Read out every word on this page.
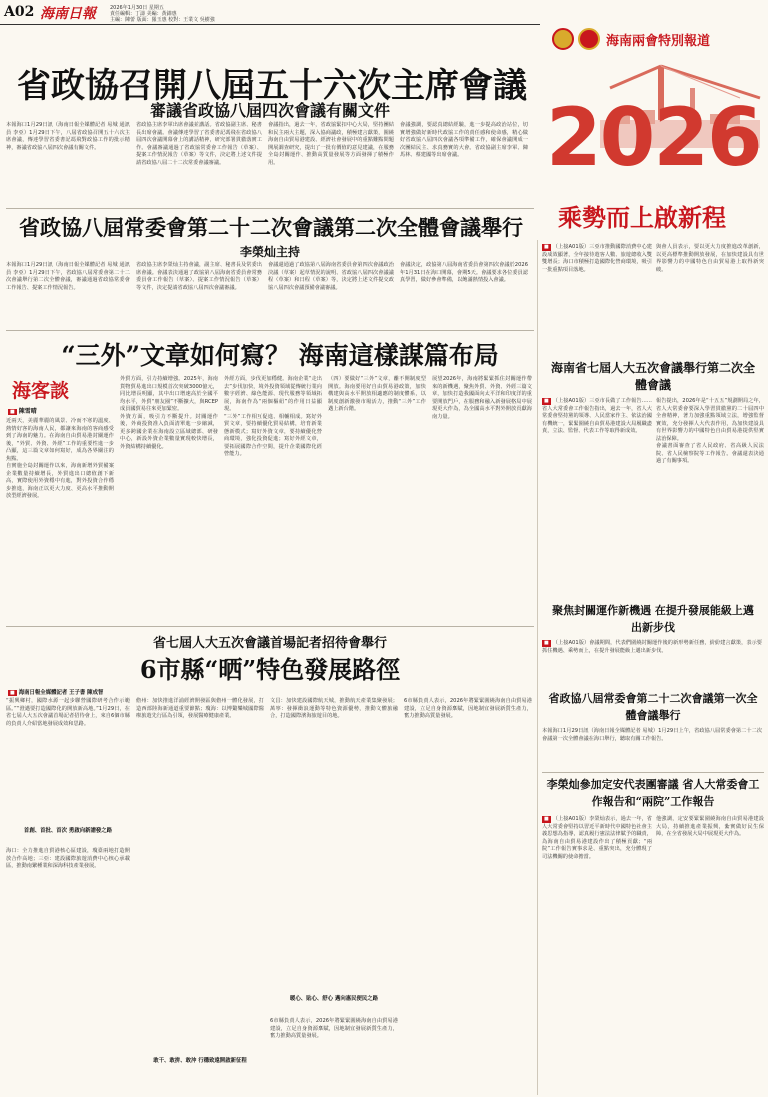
A02 海南日報	2026年1月30日 星期五
責任編輯：丁濤 美編：黃錦惠
主編：陳蕾 版面：羅玉惠 校對：王業文 吳樹強
海南兩會特別報道
2026
乘勢而上啟新程
省政協召開八屆五十六次主席會議
審議省政協八屆四次會議有關文件
本報海口1月29日訊（海南日報全媒體記者 易城 通訊員 李亞）1月29日下午，八屆省政協召開五十六次主席會議，傳達學習省委書記馮飛對政協工作的批示精神，審議省政協八屆四次會議有關文件。
省政協主席李軍出席會議並講話。省政協副主席、秘書長出席會議。會議傳達學習了省委書記馮飛在省政協八屆四次會議開幕會上的講話精神，研究部署貫徹落實工作。會議審議通過了省政協常委會工作報告（草案）、提案工作情況報告（草案）等文件，決定將上述文件提請省政協八屆二十二次常委會議審議。
會議指出，過去一年，省政協緊扣中心大局，堅持團結和民主兩大主題，深入協商議政，積極建言獻策，圍繞海南自由貿易港建設、經濟社會發展中的重點難點問題開展調查研究，提出了一批有價值的意見建議，在服務全島封關運作、推動高質量發展等方面發揮了積極作用。
會議強調，要認真總結經驗，進一步提高政治站位，切實增強做好新時代政協工作的責任感和使命感，精心做好省政協八屆四次會議各項準備工作，確保會議開成一次團結民主、求真務實的大會。省政協副主席李軍、陳馬林、蔡建國等出席會議。
省政協八屆常委會第二十二次會議第二次全體會議舉行
李榮灿主持
本報海口1月29日訊（海南日報全媒體記者 易城 通訊員 李亞）1月29日下午，省政協八屆常委會第二十二次會議舉行第二次全體會議，審議通過省政協常委會工作報告、提案工作情況報告。
省政協主席李榮灿主持會議，副主席、秘書長及常委出席會議。會議表決通過了政協第八屆海南省委員會常務委員會工作報告（草案）、提案工作情況報告（草案）等文件，決定提請省政協八屆四次會議審議。
會議還通過了政協第八屆海南省委員會第四次會議政治決議（草案）起草情況的說明、省政協八屆四次會議議程（草案）和日程（草案）等，決定將上述文件提交政協八屆四次會議預備會議審議。
會議決定，政協第八屆海南省委員會第四次會議於2026年1月31日在海口開幕，會期5天。會議要求各位委員認真學習，做好參會準備，以飽滿熱情投入會議。
“三外”文章如何寫？ 海南這樣謀篇布局
海客談
■ 陳雪晴
近兩天，美麗華麗的風景、冷而不寒的溫度、熱情好客的海南人民，都讓來海南的客商感受到了海南的魅力。在海南自由貿易港封關運作後，“外貿、外資、外經”工作的重要性進一步凸顯，這三篇文章如何寫好，成為各界關注的焦點。
自實施全島封關運作以來，海南新增外貿備案企業數量持續增長，外貿進出口總值創下新高，實際使用外資穩中有進，對外投資合作穩步推進，海南正以更大力度、更高水平推動開放型經濟發展。
外貿方面，引力持續增強。2025年，海南貨物貿易進出口規模首次突破3000億元，同比增長明顯，其中出口增速高於全國平均水平，外貿“朋友圈”不斷擴大，與RCEP成員國貿易往來更加緊密。
外資方面，吸引力不斷提升。封關運作後，外商投資准入負面清單進一步縮減，更多跨國企業在海南設立區域總部、研發中心，新設外資企業數量實現較快增長，外資結構持續優化。
外經方面，步伐更加穩健。海南企業“走出去”步伐加快，境外投資領域從傳統行業向數字經濟、綠色能源、現代服務等領域拓展，海南作為“兩個樞紐”的作用日益顯現。
“三外”工作相互促進、相輔相成。寫好外貿文章，要持續優化貿易結構，培育新業態新模式；寫好外資文章，要持續優化營商環境，強化投資促進；寫好外經文章，要拓展國際合作空間，提升企業國際化經營能力。
（四）要做好“三外”文章，離不開制度型開放。海南要用好自由貿易港政策，加快構建與高水平開放相適應的制度體系，以制度創新激發市場活力，推動“三外”工作邁上新台階。
展望2026年，海南將緊緊抓住封關運作帶來的新機遇，聚焦外貿、外資、外經三篇文章，加快打造我國面向太平洋和印度洋的重要開放門戶，在服務和融入新發展格局中展現更大作為，為全國高水平對外開放貢獻海南力量。
省七屆人大五次會議首場記者招待會舉行
6市縣“晒”特色發展路徑
■ 海南日報全媒體記者 王子書 陳成智
“振興鄉村，國際水源一起步聯營國際研考合作示範區。”“澄邁要打造國際化的開放新高地。”1月29日，在省七屆人大五次會議首場記者招待會上，來自6個市縣的負責人介紹當地發展成效和思路。
首創、首批、首次 勇啟向新譜發之路
海口：全力推進自貿港核心區建設，瓊臺兩地打造開放合作高地；三亞：建設國際旅遊消費中心核心承載區，推動南繁種業和深海科技產業發展。
儋州：加快推進洋浦經濟開發區與儋州一體化發展，打造西部陸海新通道重要節點；瓊海：以博鰲樂城國際醫療旅遊先行區為引領，發展醫療健康產業。
敢干、敢拼、敢沖 行穩致遠開啟新征程
文昌：加快建設國際航天城，推動航天產業集聚發展；萬寧：發揮衝浪運動等特色資源優勢，推動文體旅融合，打造國際濱海旅遊目的地。
暖心、貼心、舒心 邁向惠民便民之路
6市縣負責人表示，2026年將緊緊圍繞海南自由貿易港建設，立足自身資源稟賦，因地制宜發展新質生產力，奮力推動高質量發展。
6市縣負責人表示，2026年將緊緊圍繞海南自由貿易港建設，立足自身資源稟賦，因地制宜發展新質生產力，奮力推動高質量發展。
■ （上接A01版）三亞市推動國際消費中心建設成效顯著，全年接待遊客人數、旅遊總收入雙雙增長；海口市積極打造國際化營商環境，吸引一批重點項目落地。
與會人員表示，要以更大力度推進改革創新，以更高標準推動開放發展，在加快建設具有世界影響力的中國特色自由貿易港上取得新突破。
海南省七屆人大五次會議舉行第二次全體會議
■ （上接A01版）三亞市長做了工作報告……省人大常委會工作報告指出，過去一年，省人大常委會堅持黨的領導、人民當家作主、依法治國有機統一，緊緊圍繞自由貿易港建設大局履職盡責，立法、監督、代表工作等取得新成效。
報告提出，2026年是“十五五”規劃開局之年，省人大常委會要深入學習貫徹黨的二十屆四中全會精神，著力加強重點領域立法，增強監督實效，充分發揮人大代表作用，為加快建設具有世界影響力的中國特色自由貿易港提供堅實法治保障。
會議書面審查了省人民政府、省高級人民法院、省人民檢察院等工作報告。會議還表決通過了有關事項。
聚焦封關運作新機遇 在提升發展能級上邁出新步伐
■ （上接A01版）會議期間，代表們圍繞封關運作後的新形勢新任務，紛紛建言獻策，表示要抓住機遇、乘勢而上，在提升發展能級上邁出新步伐。
省政協八屆常委會第二十二次會議第一次全體會議舉行
本報海口1月29日訊（海南日報全媒體記者 易城）1月29日上午，省政協八屆常委會第二十二次會議第一次全體會議在海口舉行，聽取有關工作報告。
李榮灿參加定安代表團審議 省人大常委會工作報告和“兩院”工作報告
■ （上接A01版）李榮灿表示，過去一年，省人大常委會堅持以習近平新時代中國特色社會主義思想為指導，認真履行憲法法律賦予的職責，為海南自由貿易港建設作出了積極貢獻；“兩院”工作報告實事求是、重點突出，充分體現了司法機關的使命擔當。
他強調，定安要緊緊圍繞海南自由貿易港建設大局，持續推進產業振興，紮實做好民生保障，在全省發展大局中展現更大作為。
